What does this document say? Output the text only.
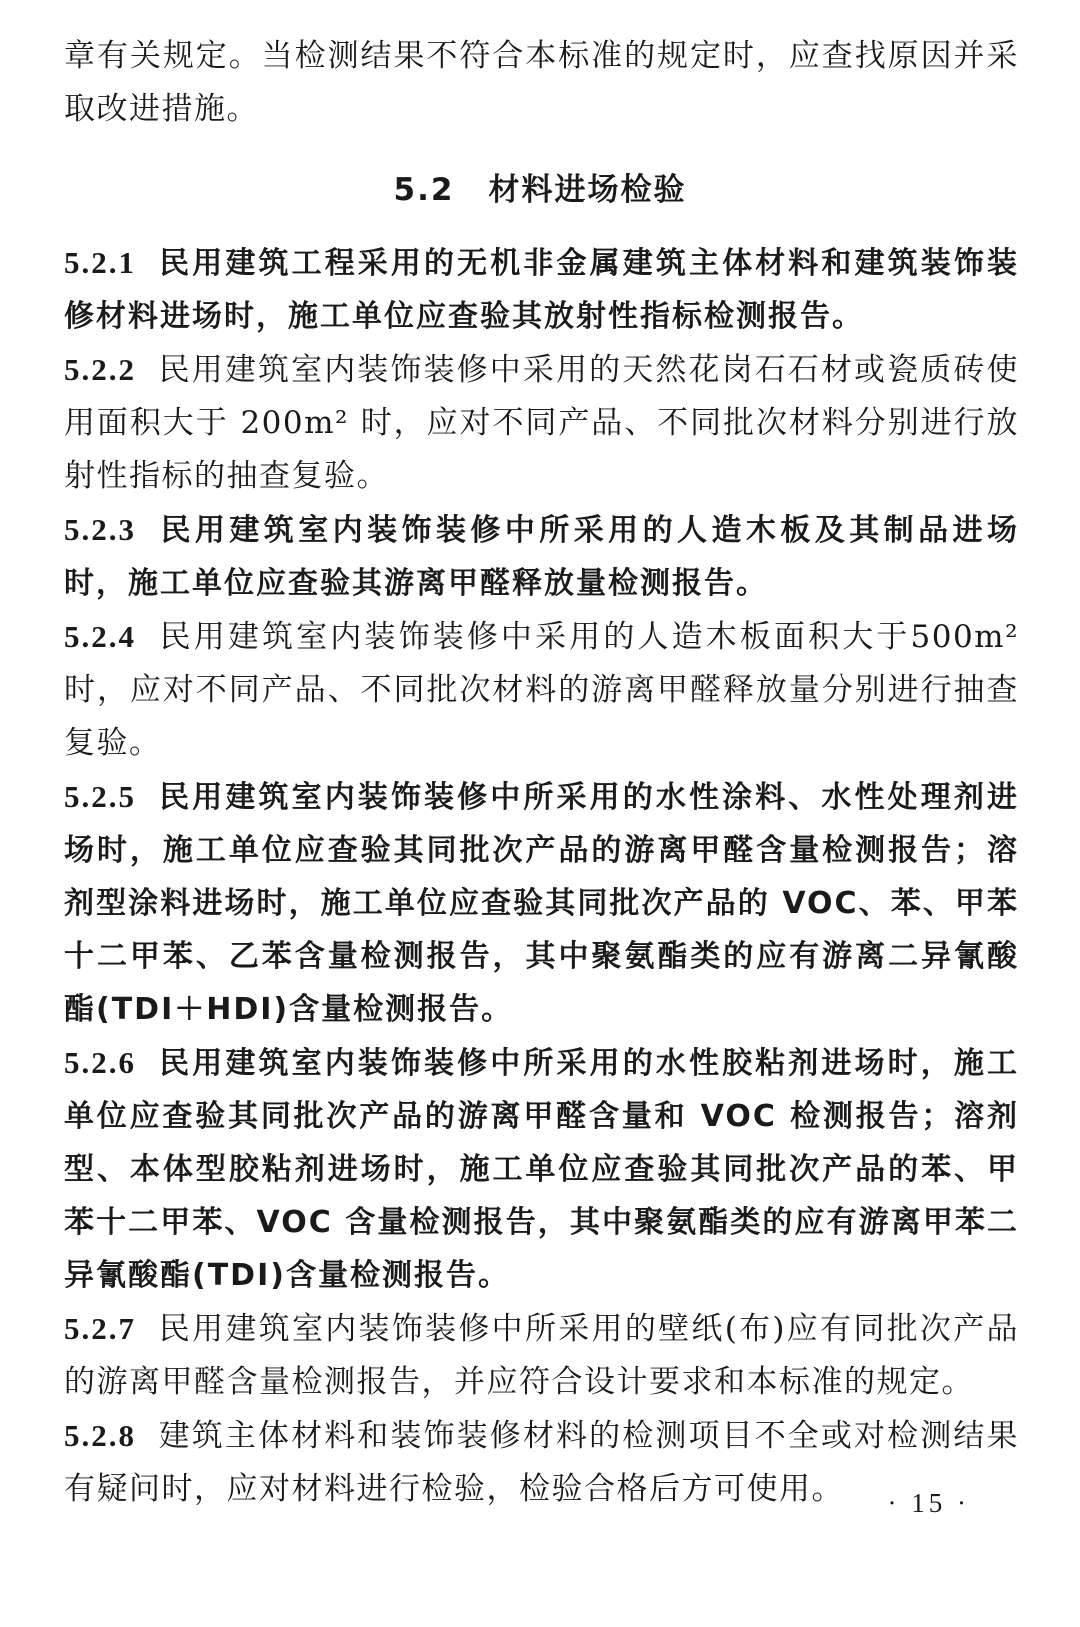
章有关规定。当检测结果不符合本标准的规定时，应查找原因并采取改进措施。

5.2 材料进场检验

5.2.1 民用建筑工程采用的无机非金属建筑主体材料和建筑装饰装修材料进场时，施工单位应查验其放射性指标检测报告。

5.2.2 民用建筑室内装饰装修中采用的天然花岗石石材或瓷质砖使用面积大于 200m² 时，应对不同产品、不同批次材料分别进行放射性指标的抽查复验。

5.2.3 民用建筑室内装饰装修中所采用的人造木板及其制品进场时，施工单位应查验其游离甲醛释放量检测报告。

5.2.4 民用建筑室内装饰装修中采用的人造木板面积大于500m²时，应对不同产品、不同批次材料的游离甲醛释放量分别进行抽查复验。

5.2.5 民用建筑室内装饰装修中所采用的水性涂料、水性处理剂进场时，施工单位应查验其同批次产品的游离甲醛含量检测报告；溶剂型涂料进场时，施工单位应查验其同批次产品的 VOC、苯、甲苯十二甲苯、乙苯含量检测报告，其中聚氨酯类的应有游离二异氰酸酯(TDI＋HDI)含量检测报告。

5.2.6 民用建筑室内装饰装修中所采用的水性胶粘剂进场时，施工单位应查验其同批次产品的游离甲醛含量和 VOC 检测报告；溶剂型、本体型胶粘剂进场时，施工单位应查验其同批次产品的苯、甲苯十二甲苯、VOC 含量检测报告，其中聚氨酯类的应有游离甲苯二异氰酸酯(TDI)含量检测报告。

5.2.7 民用建筑室内装饰装修中所采用的壁纸(布)应有同批次产品的游离甲醛含量检测报告，并应符合设计要求和本标准的规定。

5.2.8 建筑主体材料和装饰装修材料的检测项目不全或对检测结果有疑问时，应对材料进行检验，检验合格后方可使用。	· 15 ·
